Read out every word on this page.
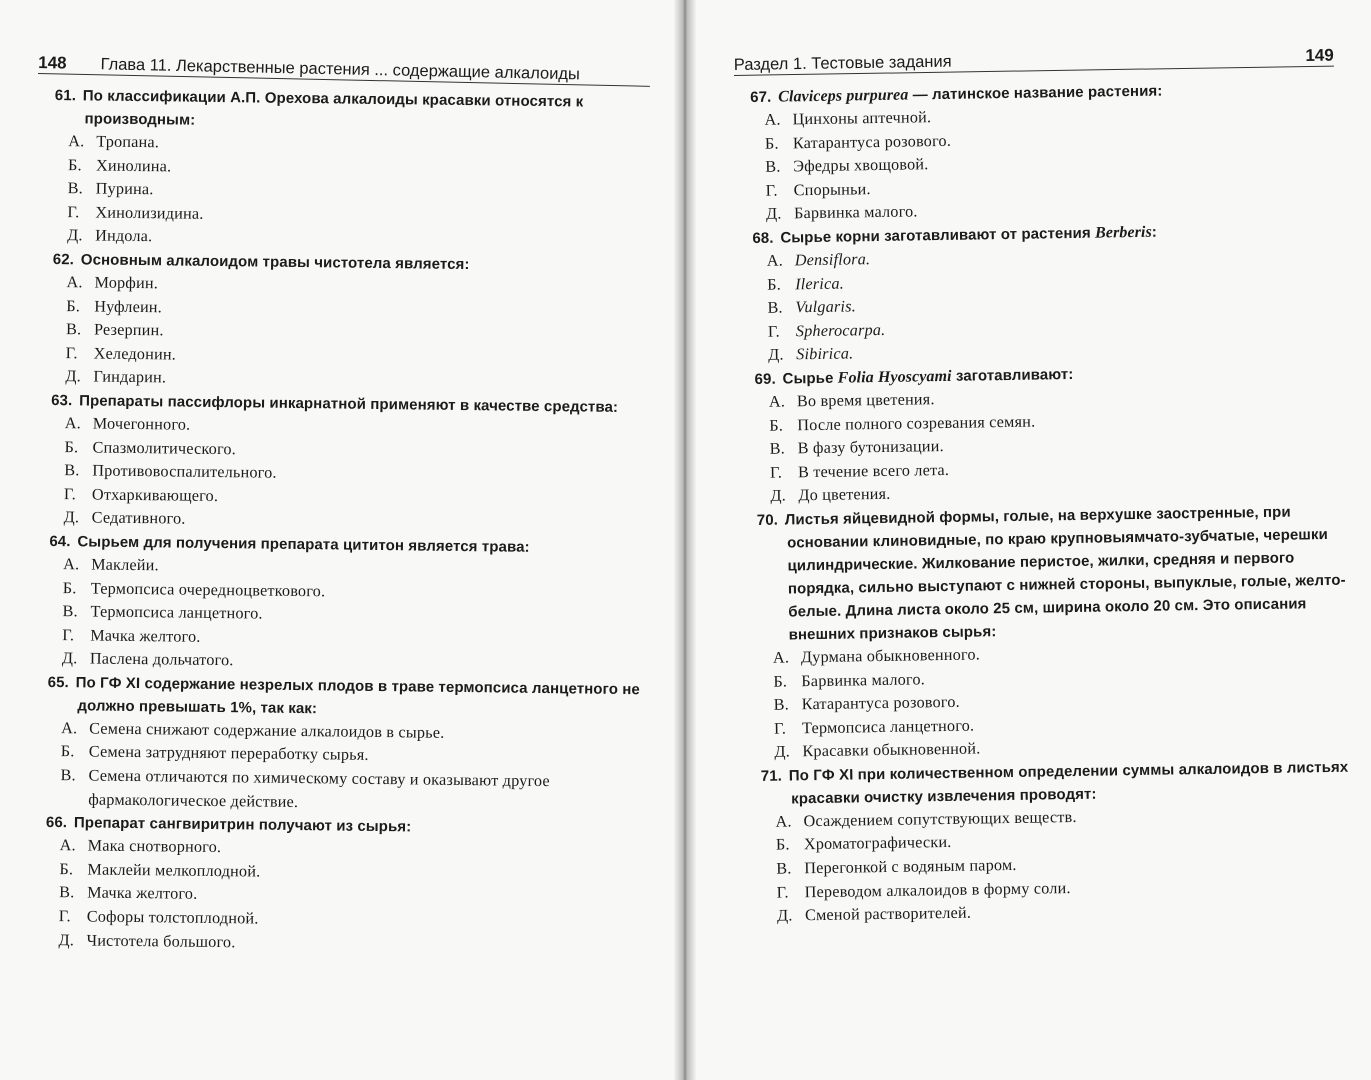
148 Глава 11. Лекарственные растения ... содержащие алкалоиды	Раздел 1. Тестовые задания	149
61. По классификации А.П. Орехова алкалоиды красавки относятся к производным:
А. Тропана.
Б. Хинолина.
В. Пурина.
Г. Хинолизидина.
Д. Индола.
62. Основным алкалоидом травы чистотела является:
А. Морфин.
Б. Нуфлеин.
В. Резерпин.
Г. Хеледонин.
Д. Гиндарин.
63. Препараты пассифлоры инкарнатной применяют в качестве средства:
А. Мочегонного.
Б. Спазмолитического.
В. Противовоспалительного.
Г. Отхаркивающего.
Д. Седативного.
64. Сырьем для получения препарата цититон является трава:
А. Маклейи.
Б. Термопсиса очередноцветкового.
В. Термопсиса ланцетного.
Г. Мачка желтого.
Д. Паслена дольчатого.
65. По ГФ XI содержание незрелых плодов в траве термопсиса ланцетного не должно превышать 1%, так как:
А. Семена снижают содержание алкалоидов в сырье.
Б. Семена затрудняют переработку сырья.
В. Семена отличаются по химическому составу и оказывают другое фармакологическое действие.
66. Препарат сангвиритрин получают из сырья:
А. Мака снотворного.
Б. Маклейи мелкоплодной.
В. Мачка желтого.
Г. Софоры толстоплодной.
Д. Чистотела большого.
67. Claviceps purpurea — латинское название растения:
А. Цинхоны аптечной.
Б. Катарантуса розового.
В. Эфедры хвощовой.
Г. Спорыньи.
Д. Барвинка малого.
68. Сырье корни заготавливают от растения Berberis:
А. Densiflora.
Б. Ilerica.
В. Vulgaris.
Г. Spherocarpa.
Д. Sibirica.
69. Сырье Folia Hyoscyami заготавливают:
А. Во время цветения.
Б. После полного созревания семян.
В. В фазу бутонизации.
Г. В течение всего лета.
Д. До цветения.
70. Листья яйцевидной формы, голые, на верхушке заостренные, при основании клиновидные, по краю крупновыямчато-зубчатые, черешки цилиндрические. Жилкование перистое, жилки, средняя и первого порядка, сильно выступают с нижней стороны, выпуклые, голые, желто-белые. Длина листа около 25 см, ширина около 20 см. Это описания внешних признаков сырья:
А. Дурмана обыкновенного.
Б. Барвинка малого.
В. Катарантуса розового.
Г. Термопсиса ланцетного.
Д. Красавки обыкновенной.
71. По ГФ XI при количественном определении суммы алкалоидов в листьях красавки очистку извлечения проводят:
А. Осаждением сопутствующих веществ.
Б. Хроматографически.
В. Перегонкой с водяным паром.
Г. Переводом алкалоидов в форму соли.
Д. Сменой растворителей.
